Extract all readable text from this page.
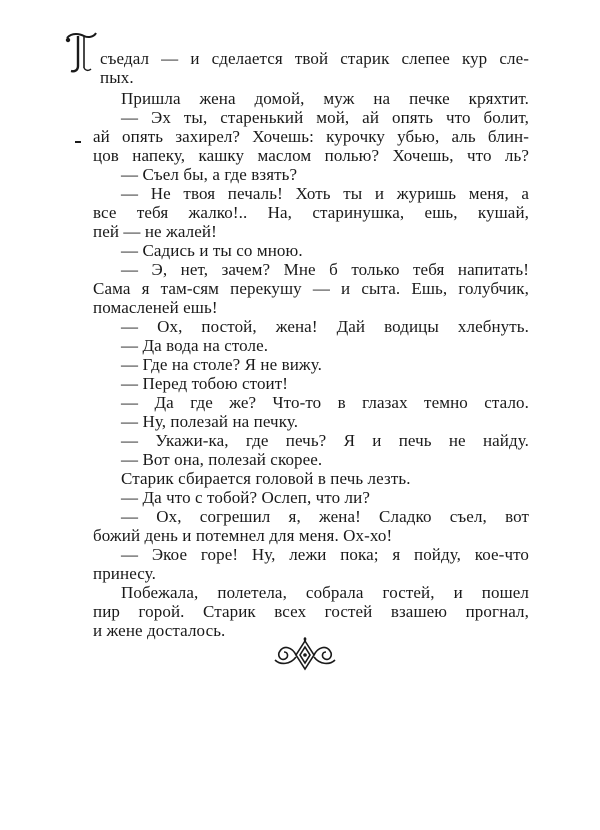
съедал — и сделается твой старик слепее кур сле-
пых.
Пришла жена домой, муж на печке кряхтит.
— Эх ты, старенький мой, ай опять что болит,
ай опять захирел? Хочешь: курочку убью, аль блин-
цов напеку, кашку маслом полью? Хочешь, что ль?
— Съел бы, а где взять?
— Не твоя печаль! Хоть ты и журишь меня, а
все тебя жалко!.. На, старинушка, ешь, кушай,
пей — не жалей!
— Садись и ты со мною.
— Э, нет, зачем? Мне б только тебя напитать!
Сама я там-сям перекушу — и сыта. Ешь, голубчик,
помасленей ешь!
— Ох, постой, жена! Дай водицы хлебнуть.
— Да вода на столе.
— Где на столе? Я не вижу.
— Перед тобою стоит!
— Да где же? Что-то в глазах темно стало.
— Ну, полезай на печку.
— Укажи-ка, где печь? Я и печь не найду.
— Вот она, полезай скорее.
Старик сбирается головой в печь лезть.
— Да что с тобой? Ослеп, что ли?
— Ох, согрешил я, жена! Сладко съел, вот
божий день и потемнел для меня. Ох-хо!
— Экое горе! Ну, лежи пока; я пойду, кое-что
принесу.
Побежала, полетела, собрала гостей, и пошел
пир горой. Старик всех гостей взашею прогнал,
и жене досталось.
